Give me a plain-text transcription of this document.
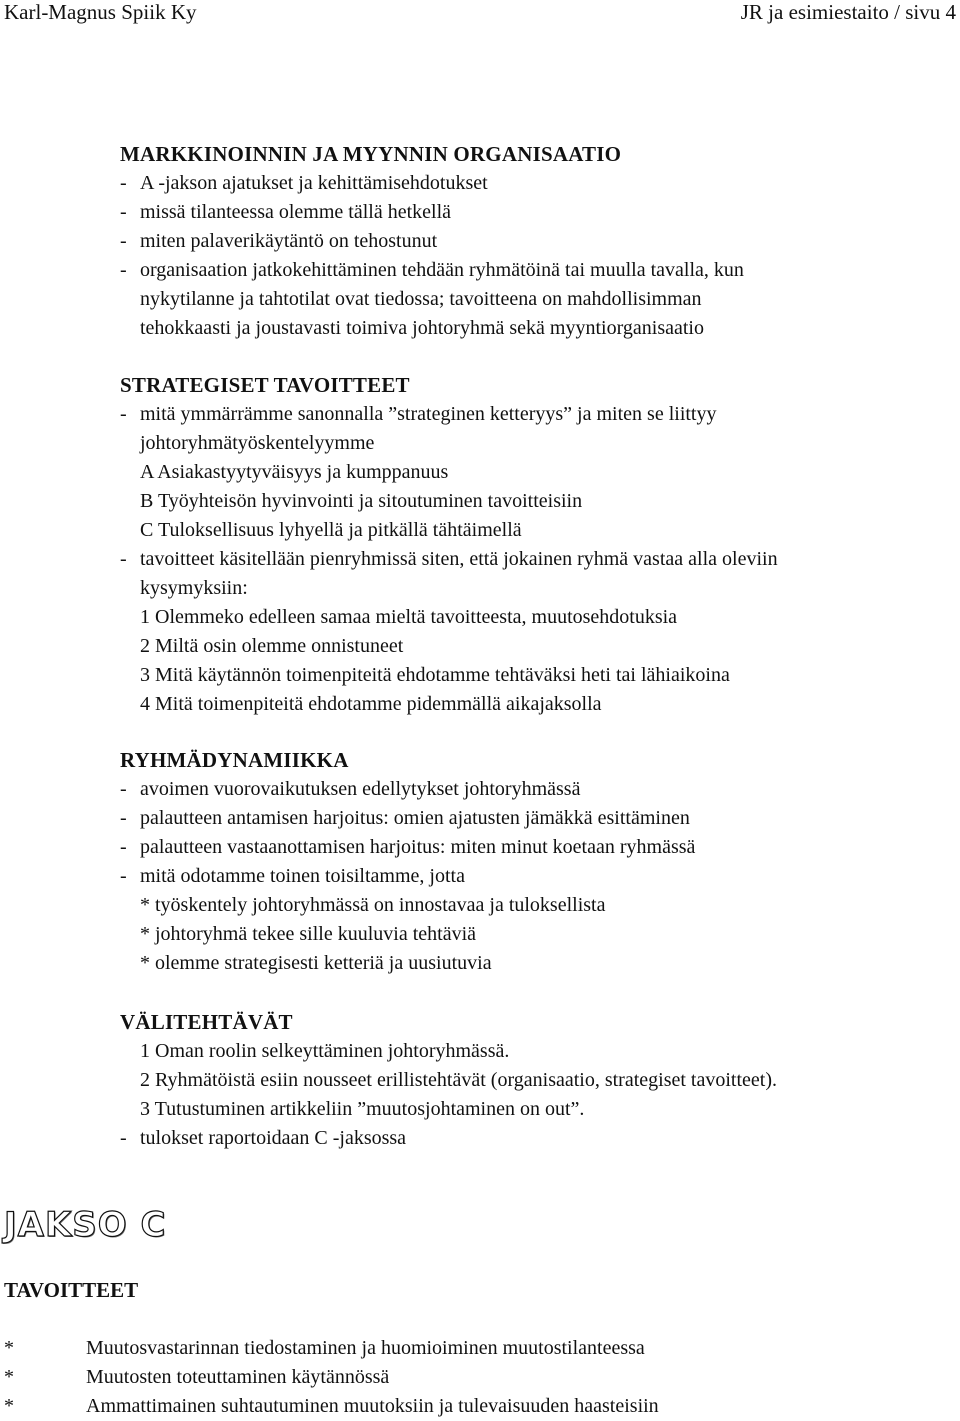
Karl-Magnus Spiik Ky	JR ja esimiestaito / sivu 4
MARKKINOINNIN JA MYYNNIN ORGANISAATIO
- A -jakson ajatukset ja kehittämisehdotukset
- missä tilanteessa olemme tällä hetkellä
- miten palaverikäytäntö on tehostunut
- organisaation jatkokehittäminen tehdään ryhmätöinä tai muulla tavalla, kun
nykytilanne ja tahtotilat ovat tiedossa; tavoitteena on mahdollisimman
tehokkaasti ja joustavasti toimiva johtoryhmä sekä myyntiorganisaatio
STRATEGISET TAVOITTEET
- mitä ymmärrämme sanonnalla ”strateginen ketteryys” ja miten se liittyy
johtoryhmätyöskentelyymme
A Asiakastyytyväisyys ja kumppanuus
B Työyhteisön hyvinvointi ja sitoutuminen tavoitteisiin
C Tuloksellisuus lyhyellä ja pitkällä tähtäimellä
- tavoitteet käsitellään pienryhmissä siten, että jokainen ryhmä vastaa alla oleviin
kysymyksiin:
1 Olemmeko edelleen samaa mieltä tavoitteesta, muutosehdotuksia
2 Miltä osin olemme onnistuneet
3 Mitä käytännön toimenpiteitä ehdotamme tehtäväksi heti tai lähiaikoina
4 Mitä toimenpiteitä ehdotamme pidemmällä aikajaksolla
RYHMÄDYNAMIIKKA
- avoimen vuorovaikutuksen edellytykset johtoryhmässä
- palautteen antamisen harjoitus: omien ajatusten jämäkkä esittäminen
- palautteen vastaanottamisen harjoitus: miten minut koetaan ryhmässä
- mitä odotamme toinen toisiltamme, jotta
* työskentely johtoryhmässä on innostavaa ja tuloksellista
* johtoryhmä tekee sille kuuluvia tehtäviä
* olemme strategisesti ketteriä ja uusiutuvia
VÄLITEHTÄVÄT
1 Oman roolin selkeyttäminen johtoryhmässä.
2 Ryhmätöistä esiin nousseet erillistehtävät (organisaatio, strategiset tavoitteet).
3 Tutustuminen artikkeliin ”muutosjohtaminen on out”.
- tulokset raportoidaan C -jaksossa
JAKSO C
TAVOITTEET
*	Muutosvastarinnan tiedostaminen ja huomioiminen muutostilanteessa
*	Muutosten toteuttaminen käytännössä
*	Ammattimainen suhtautuminen muutoksiin ja tulevaisuuden haasteisiin
